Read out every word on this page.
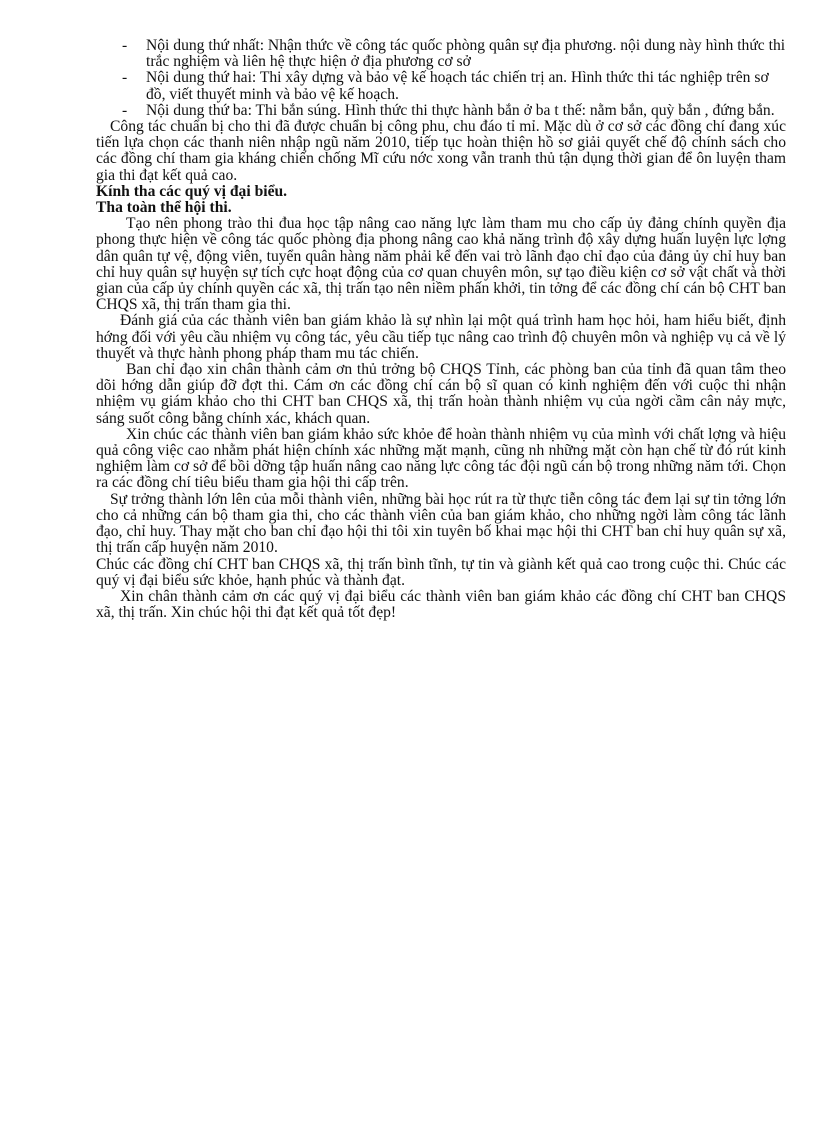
- Nội dung thứ nhất: Nhận thức về công tác quốc phòng quân sự địa phương. nội dung này hình thức thi trắc nghiệm và liên hệ thực hiện ở địa phương cơ sở
- Nội dung thứ hai: Thi xây dựng và bảo vệ kế hoạch tác chiến trị an. Hình thức thi tác nghiệp trên sơ đồ, viết thuyết minh và bảo vệ kế hoạch.
- Nội dung thứ ba: Thi bắn súng. Hình thức thi thực hành bắn ở ba t thế: nằm bắn, quỳ bắn , đứng bắn.

Công tác chuẩn bị cho thi đã được chuẩn bị công phu, chu đáo tỉ mỉ. Mặc dù ở cơ sở các đồng chí đang xúc tiến lựa chọn các thanh niên nhập ngũ năm 2010, tiếp tục hoàn thiện hồ sơ giải quyết chế độ chính sách cho các đồng chí tham gia kháng chiến chống Mĩ cứu nớc xong vẫn tranh thủ tận dụng thời gian để ôn luyện tham gia thi đạt kết quả cao.

Kính tha các quý vị đại biểu.

Tha toàn thể hội thi.

Tạo nên phong trào thi đua học tập nâng cao năng lực làm tham mu cho cấp ủy đảng chính quyền địa phong thực hiện về công tác quốc phòng địa phong nâng cao khả năng trình độ xây dựng huấn luyện lực lợng dân quân tự vệ, động viên, tuyển quân hàng năm phải kể đến vai trò lãnh đạo chỉ đạo của đảng ủy chỉ huy ban chỉ huy quân sự huyện sự tích cực hoạt động của cơ quan chuyên môn, sự tạo điều kiện cơ sở vật chất và thời gian của cấp ủy chính quyền các xã, thị trấn tạo nên niềm phấn khởi, tin tởng để các đồng chí cán bộ CHT ban CHQS xã, thị trấn tham gia thi.

Đánh giá của các thành viên ban giám khảo là sự nhìn lại một quá trình ham học hỏi, ham hiểu biết, định hớng đối với yêu cầu nhiệm vụ công tác, yêu cầu tiếp tục nâng cao trình độ chuyên môn và nghiệp vụ cả về lý thuyết và thực hành phong pháp tham mu tác chiến.

Ban chỉ đạo xin chân thành cảm ơn thủ trởng bộ CHQS Tỉnh, các phòng ban của tỉnh đã quan tâm theo dõi hớng dẫn giúp đỡ đợt thi. Cám ơn các đồng chí cán bộ sĩ quan có kinh nghiệm đến với cuộc thi nhận nhiệm vụ giám khảo cho thi CHT ban CHQS xã, thị trấn hoàn thành nhiệm vụ của ngời cầm cân nảy mực, sáng suốt công bằng chính xác, khách quan.

Xin chúc các thành viên ban giám khảo sức khỏe để hoàn thành nhiệm vụ của mình với chất lợng và hiệu quả công việc cao nhằm phát hiện chính xác những mặt mạnh, cũng nh những mặt còn hạn chế từ đó rút kinh nghiệm làm cơ sở để bồi dỡng tập huấn nâng cao năng lực công tác đội ngũ cán bộ trong những năm tới. Chọn ra các đồng chí tiêu biểu tham gia hội thi cấp trên.

Sự trởng thành lớn lên của mỗi thành viên, những bài học rút ra từ thực tiễn công tác đem lại sự tin tởng lớn cho cả những cán bộ tham gia thi, cho các thành viên của ban giám khảo, cho những ngời làm công tác lãnh đạo, chỉ huy. Thay mặt cho ban chỉ đạo hội thi tôi xin tuyên bố khai mạc hội thi CHT ban chỉ huy quân sự xã, thị trấn cấp huyện năm 2010.

Chúc các đồng chí CHT ban CHQS xã, thị trấn bình tĩnh, tự tin và giành kết quả cao trong cuộc thi. Chúc các quý vị đại biểu sức khỏe, hạnh phúc và thành đạt.

Xin chân thành cảm ơn các quý vị đại biểu các thành viên ban giám khảo các đồng chí CHT ban CHQS xã, thị trấn. Xin chúc hội thi đạt kết quả tốt đẹp!
